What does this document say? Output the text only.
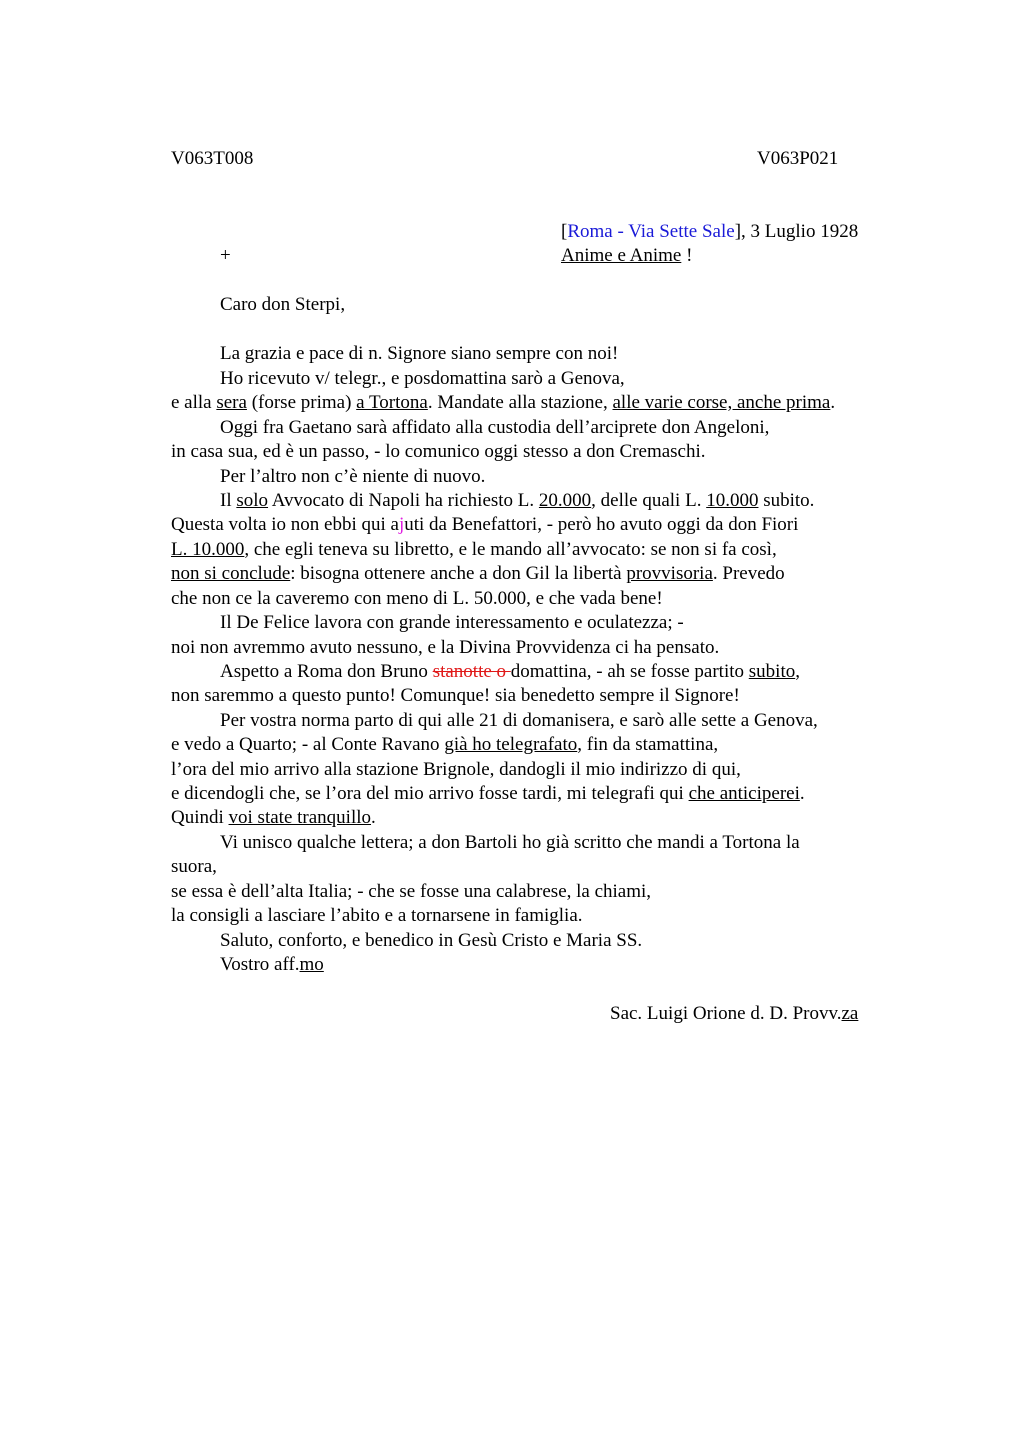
V063T008	V063P021
[Roma - Via Sette Sale], 3 Luglio 1928
+	Anime e Anime !
Caro don Sterpi,
La grazia e pace di n. Signore siano sempre con noi!
Ho ricevuto v/ telegr., e posdomattina sarò a Genova,
e alla sera (forse prima) a Tortona. Mandate alla stazione, alle varie corse, anche prima.
Oggi fra Gaetano sarà affidato alla custodia dell’arciprete don Angeloni,
in casa sua, ed è un passo, - lo comunico oggi stesso a don Cremaschi.
Per l’altro non c’è niente di nuovo.
Il solo Avvocato di Napoli ha richiesto L. 20.000, delle quali L. 10.000 subito.
Questa volta io non ebbi qui ajuti da Benefattori, - però ho avuto oggi da don Fiori
L. 10.000, che egli teneva su libretto, e le mando all’avvocato: se non si fa così,
non si conclude: bisogna ottenere anche a don Gil la libertà provvisoria. Prevedo
che non ce la caveremo con meno di L. 50.000, e che vada bene!
Il De Felice lavora con grande interessamento e oculatezza; -
noi non avremmo avuto nessuno, e la Divina Provvidenza ci ha pensato.
Aspetto a Roma don Bruno stanotte o domattina, - ah se fosse partito subito,
non saremmo a questo punto! Comunque! sia benedetto sempre il Signore!
Per vostra norma parto di qui alle 21 di domanisera, e sarò alle sette a Genova,
e vedo a Quarto; - al Conte Ravano già ho telegrafato, fin da stamattina,
l’ora del mio arrivo alla stazione Brignole, dandogli il mio indirizzo di qui,
e dicendogli che, se l’ora del mio arrivo fosse tardi, mi telegrafi qui che anticiperei.
Quindi voi state tranquillo.
Vi unisco qualche lettera; a don Bartoli ho già scritto che mandi a Tortona la
suora,
se essa è dell’alta Italia; - che se fosse una calabrese, la chiami,
la consigli a lasciare l’abito e a tornarsene in famiglia.
Saluto, conforto, e benedico in Gesù Cristo e Maria SS.
Vostro aff.mo
Sac. Luigi Orione d. D. Provv.za
